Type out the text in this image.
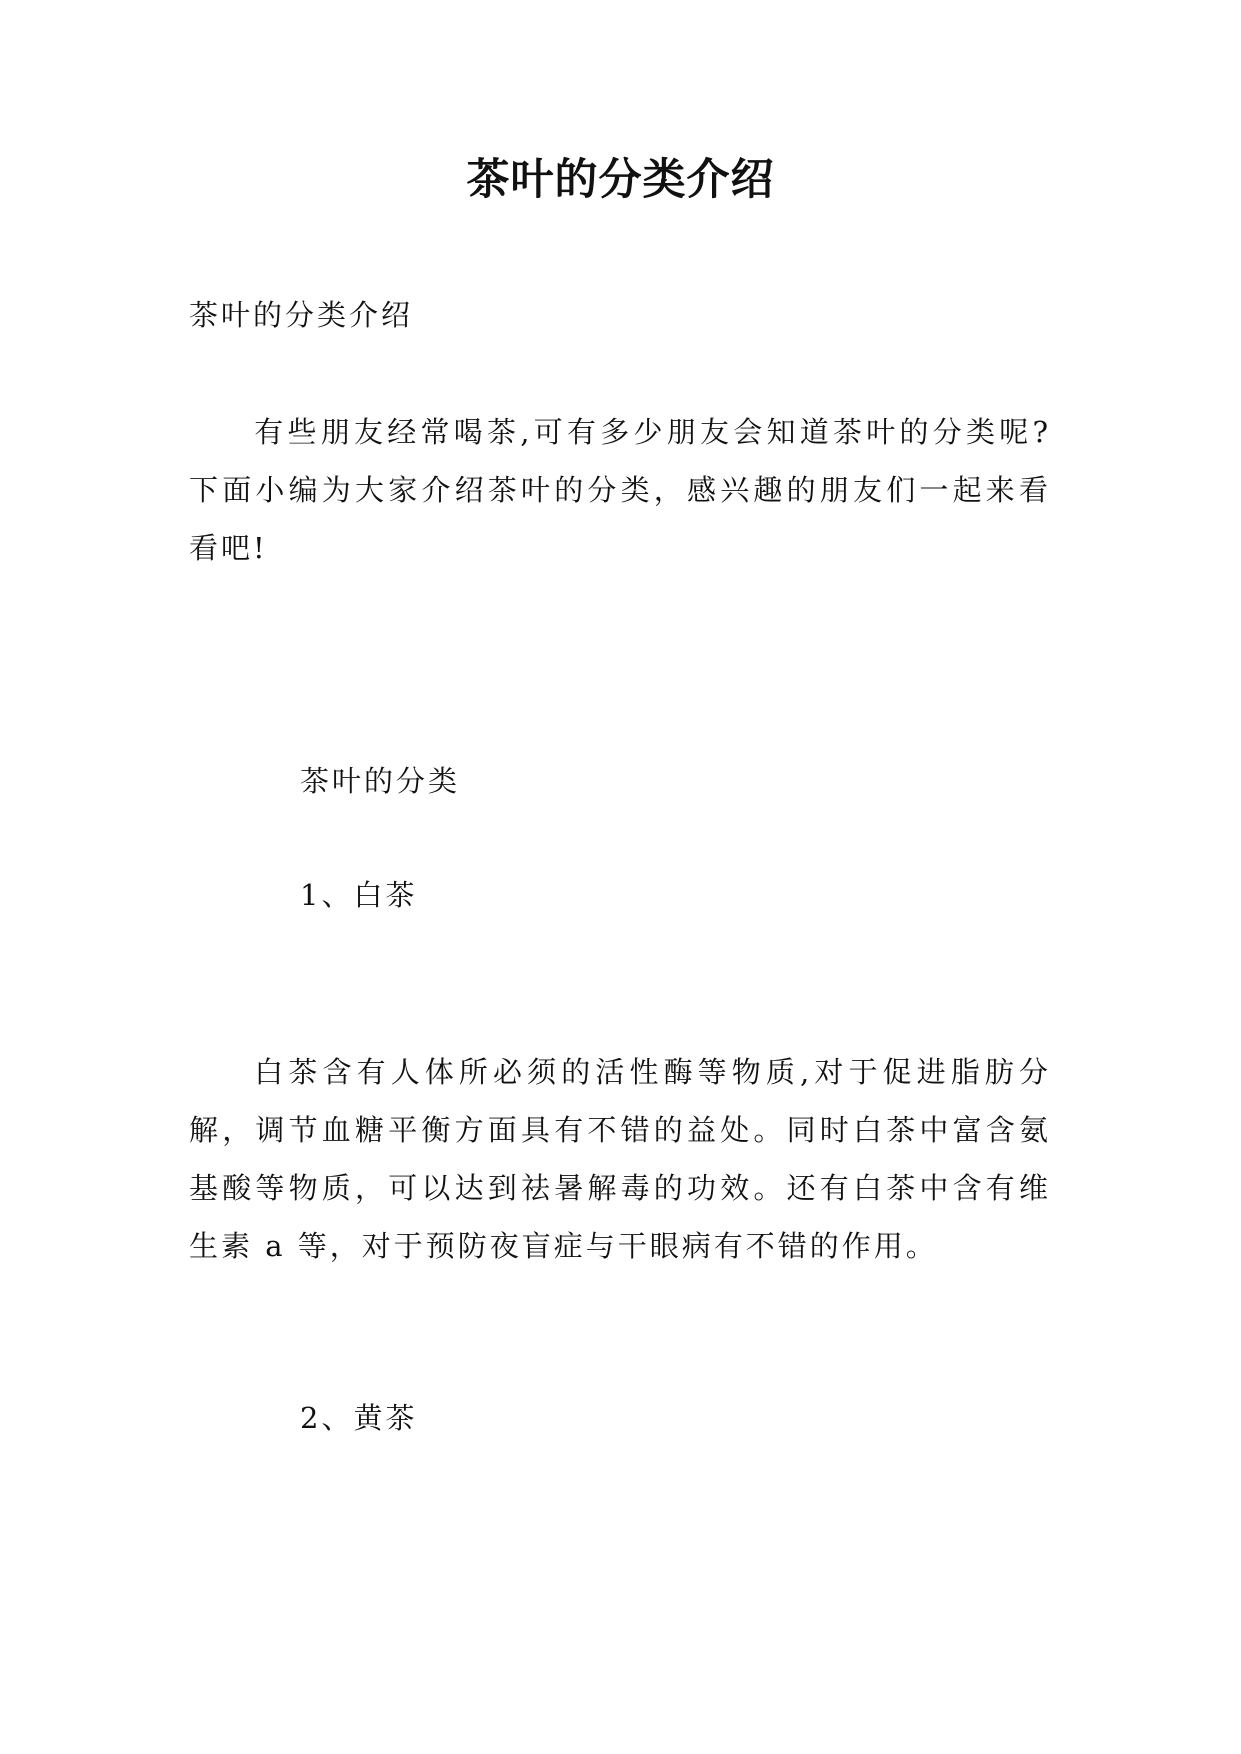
茶叶的分类介绍

茶叶的分类介绍

有些朋友经常喝茶,可有多少朋友会知道茶叶的分类呢?下面小编为大家介绍茶叶的分类，感兴趣的朋友们一起来看看吧!

茶叶的分类

1、白茶

白茶含有人体所必须的活性酶等物质,对于促进脂肪分解，调节血糖平衡方面具有不错的益处。同时白茶中富含氨基酸等物质，可以达到祛暑解毒的功效。还有白茶中含有维生素 a 等，对于预防夜盲症与干眼病有不错的作用。

2、黄茶
